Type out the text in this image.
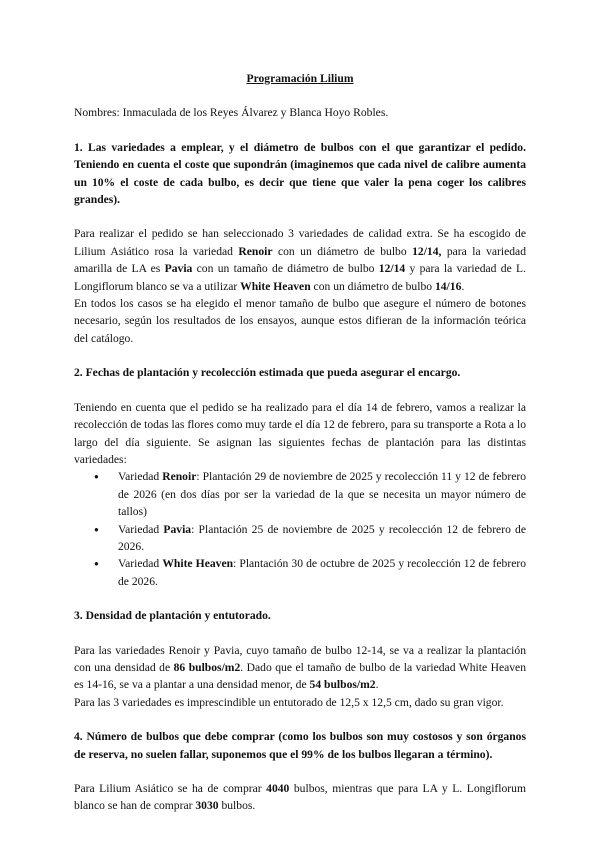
Programación Lilium

Nombres: Inmaculada de los Reyes Álvarez y Blanca Hoyo Robles.

1. Las variedades a emplear, y el diámetro de bulbos con el que garantizar el pedido. Teniendo en cuenta el coste que supondrán (imaginemos que cada nivel de calibre aumenta un 10% el coste de cada bulbo, es decir que tiene que valer la pena coger los calibres grandes).

Para realizar el pedido se han seleccionado 3 variedades de calidad extra. Se ha escogido de Lilium Asiático rosa la variedad Renoir con un diámetro de bulbo 12/14, para la variedad amarilla de LA es Pavia con un tamaño de diámetro de bulbo 12/14 y para la variedad de L. Longiflorum blanco se va a utilizar White Heaven con un diámetro de bulbo 14/16.

En todos los casos se ha elegido el menor tamaño de bulbo que asegure el número de botones necesario, según los resultados de los ensayos, aunque estos difieran de la información teórica del catálogo.

2. Fechas de plantación y recolección estimada que pueda asegurar el encargo.

Teniendo en cuenta que el pedido se ha realizado para el día 14 de febrero, vamos a realizar la recolección de todas las flores como muy tarde el día 12 de febrero, para su transporte a Rota a lo largo del día siguiente. Se asignan las siguientes fechas de plantación para las distintas variedades:

● Variedad Renoir: Plantación 29 de noviembre de 2025 y recolección 11 y 12 de febrero de 2026 (en dos días por ser la variedad de la que se necesita un mayor número de tallos)
● Variedad Pavia: Plantación 25 de noviembre de 2025 y recolección 12 de febrero de 2026.
● Variedad White Heaven: Plantación 30 de octubre de 2025 y recolección 12 de febrero de 2026.

3. Densidad de plantación y entutorado.

Para las variedades Renoir y Pavia, cuyo tamaño de bulbo 12-14, se va a realizar la plantación con una densidad de 86 bulbos/m2. Dado que el tamaño de bulbo de la variedad White Heaven es 14-16, se va a plantar a una densidad menor, de 54 bulbos/m2.

Para las 3 variedades es imprescindible un entutorado de 12,5 x 12,5 cm, dado su gran vigor.

4. Número de bulbos que debe comprar (como los bulbos son muy costosos y son órganos de reserva, no suelen fallar, suponemos que el 99% de los bulbos llegaran a término).

Para Lilium Asiático se ha de comprar 4040 bulbos, mientras que para LA y L. Longiflorum blanco se han de comprar 3030 bulbos.
